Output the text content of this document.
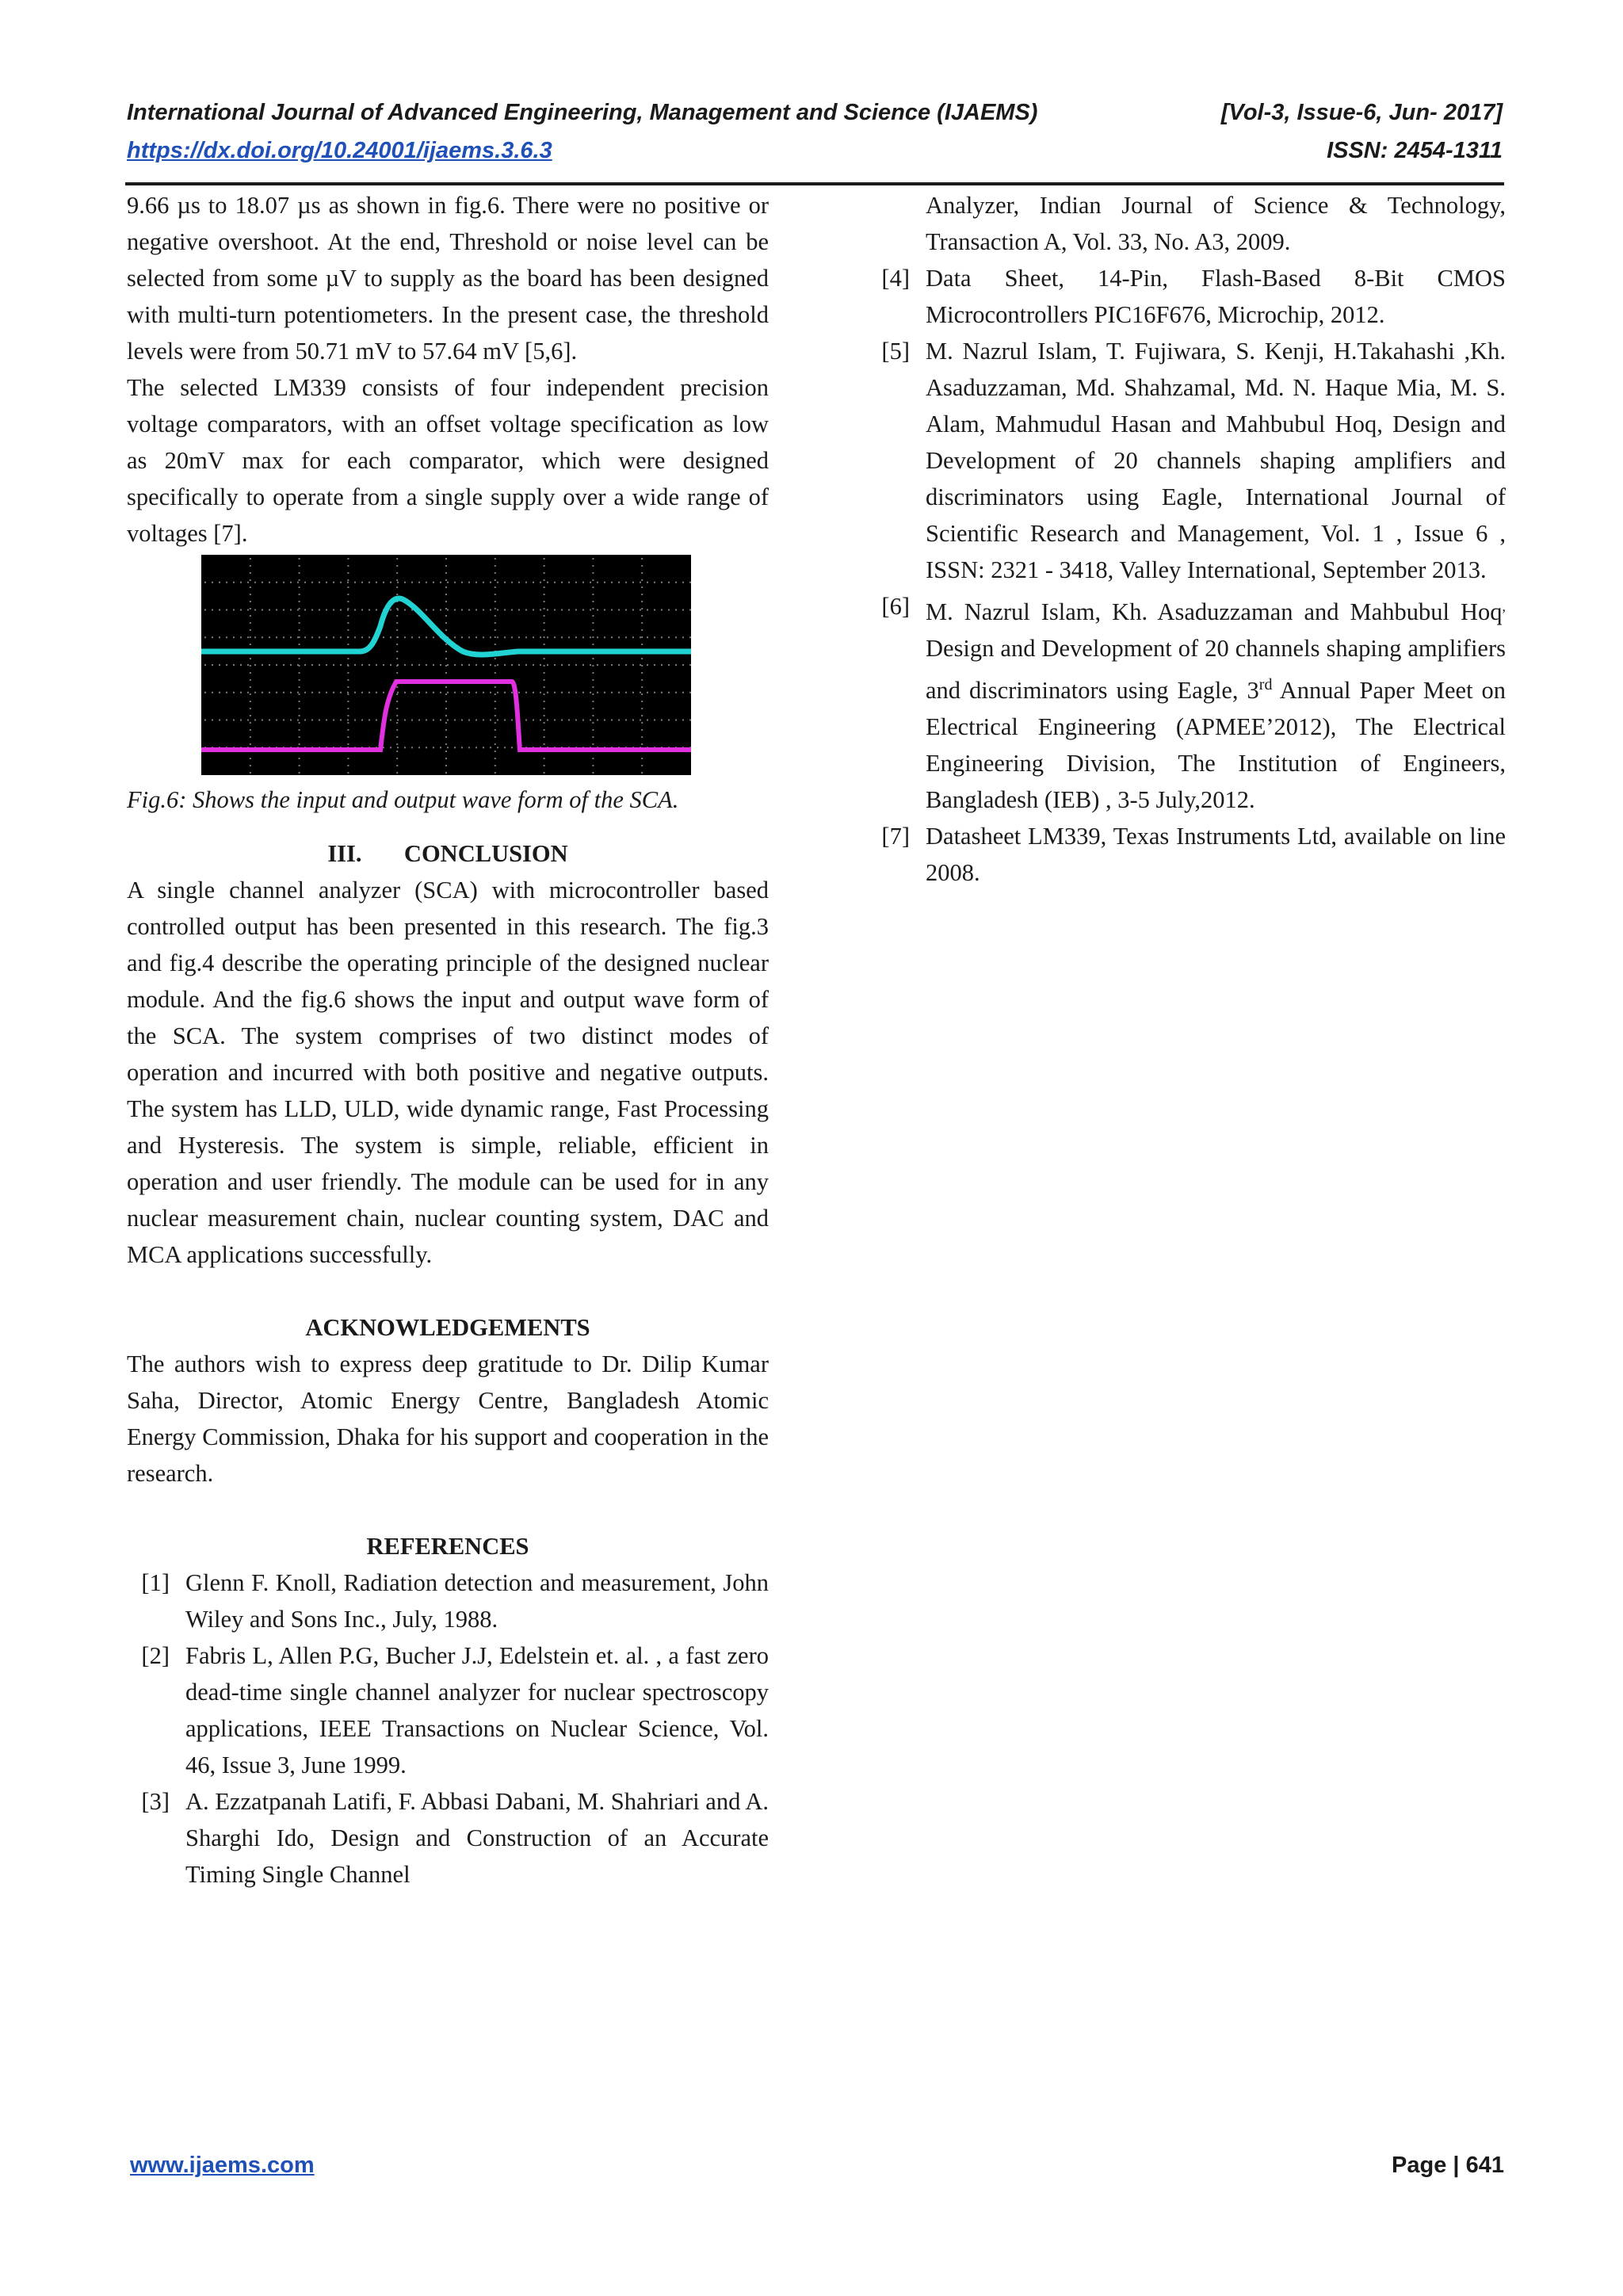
International Journal of Advanced Engineering, Management and Science (IJAEMS)	[Vol-3, Issue-6, Jun- 2017]
https://dx.doi.org/10.24001/ijaems.3.6.3	ISSN: 2454-1311

9.66 µs to 18.07 µs as shown in fig.6. There were no positive or negative overshoot. At the end, Threshold or noise level can be selected from some µV to supply as the board has been designed with multi-turn potentiometers. In the present case, the threshold levels were from 50.71 mV to 57.64 mV [5,6].

The selected LM339 consists of four independent precision voltage comparators, with an offset voltage specification as low as 20mV max for each comparator, which were designed specifically to operate from a single supply over a wide range of voltages [7].

Fig.6: Shows the input and output wave form of the SCA.

III.       CONCLUSION

A single channel analyzer (SCA) with microcontroller based controlled output has been presented in this research. The fig.3 and fig.4 describe the operating principle of the designed nuclear module. And the fig.6 shows the input and output wave form of the SCA. The system comprises of two distinct modes of operation and incurred with both positive and negative outputs. The system has LLD, ULD, wide dynamic range, Fast Processing and Hysteresis. The system is simple, reliable, efficient in operation and user friendly. The module can be used for in any nuclear measurement chain, nuclear counting system, DAC and MCA applications successfully.

ACKNOWLEDGEMENTS

The authors wish to express deep gratitude to Dr. Dilip Kumar Saha, Director, Atomic Energy Centre, Bangladesh Atomic Energy Commission, Dhaka for his support and cooperation in the research.

REFERENCES
[1] Glenn F. Knoll, Radiation detection and measurement, John Wiley and Sons Inc., July, 1988.
[2] Fabris L, Allen P.G, Bucher J.J, Edelstein et. al. , a fast zero dead-time single channel analyzer for nuclear spectroscopy applications, IEEE Transactions on Nuclear Science, Vol. 46, Issue 3, June 1999.
[3] A. Ezzatpanah Latifi, F. Abbasi Dabani, M. Shahriari and A. Sharghi Ido, Design and Construction of an Accurate Timing Single Channel
Analyzer, Indian Journal of Science & Technology, Transaction A, Vol. 33, No. A3, 2009.
[4] Data Sheet, 14-Pin, Flash-Based 8-Bit CMOS Microcontrollers PIC16F676, Microchip, 2012.
[5] M. Nazrul Islam, T. Fujiwara, S. Kenji, H.Takahashi ,Kh. Asaduzzaman, Md. Shahzamal, Md. N. Haque Mia, M. S. Alam, Mahmudul Hasan and Mahbubul Hoq, Design and Development of 20 channels shaping amplifiers and discriminators using Eagle, International Journal of Scientific Research and Management, Vol. 1 , Issue 6 , ISSN: 2321 - 3418, Valley International, September 2013.
[6] M. Nazrul Islam, Kh. Asaduzzaman and Mahbubul Hoq, Design and Development of 20 channels shaping amplifiers and discriminators using Eagle, 3rd Annual Paper Meet on Electrical Engineering (APMEE’2012), The Electrical Engineering Division, The Institution of Engineers, Bangladesh (IEB) , 3-5 July,2012.
[7] Datasheet LM339, Texas Instruments Ltd, available on line 2008.
www.ijaems.com	Page | 641
